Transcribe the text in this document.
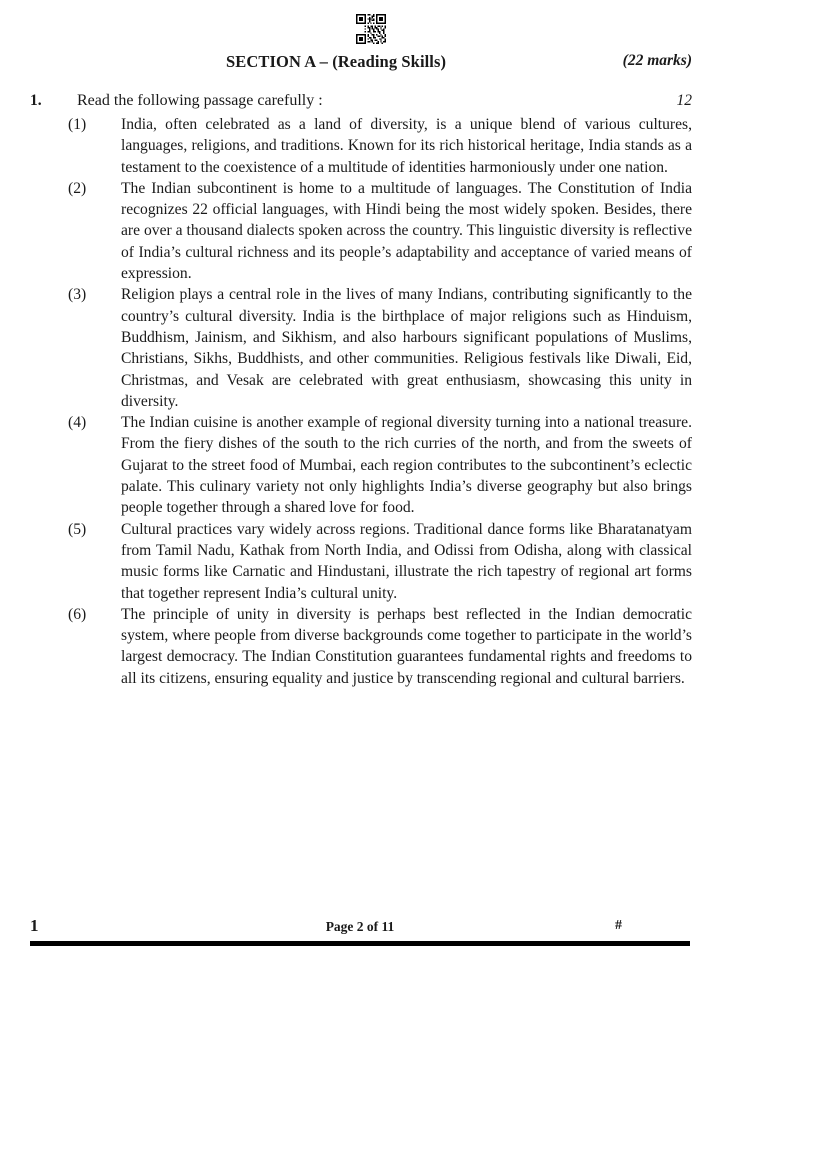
SECTION A – (Reading Skills)	(22 marks)
1. Read the following passage carefully :	12
(1)	India, often celebrated as a land of diversity, is a unique blend of various cultures, languages, religions, and traditions. Known for its rich historical heritage, India stands as a testament to the coexistence of a multitude of identities harmoniously under one nation.
(2)	The Indian subcontinent is home to a multitude of languages. The Constitution of India recognizes 22 official languages, with Hindi being the most widely spoken. Besides, there are over a thousand dialects spoken across the country. This linguistic diversity is reflective of India’s cultural richness and its people’s adaptability and acceptance of varied means of expression.
(3)	Religion plays a central role in the lives of many Indians, contributing significantly to the country’s cultural diversity. India is the birthplace of major religions such as Hinduism, Buddhism, Jainism, and Sikhism, and also harbours significant populations of Muslims, Christians, Sikhs, Buddhists, and other communities. Religious festivals like Diwali, Eid, Christmas, and Vesak are celebrated with great enthusiasm, showcasing this unity in diversity.
(4)	The Indian cuisine is another example of regional diversity turning into a national treasure. From the fiery dishes of the south to the rich curries of the north, and from the sweets of Gujarat to the street food of Mumbai, each region contributes to the subcontinent’s eclectic palate. This culinary variety not only highlights India’s diverse geography but also brings people together through a shared love for food.
(5)	Cultural practices vary widely across regions. Traditional dance forms like Bharatanatyam from Tamil Nadu, Kathak from North India, and Odissi from Odisha, along with classical music forms like Carnatic and Hindustani, illustrate the rich tapestry of regional art forms that together represent India’s cultural unity.
(6)	The principle of unity in diversity is perhaps best reflected in the Indian democratic system, where people from diverse backgrounds come together to participate in the world’s largest democracy. The Indian Constitution guarantees fundamental rights and freedoms to all its citizens, ensuring equality and justice by transcending regional and cultural barriers.
1	Page 2 of 11	#
